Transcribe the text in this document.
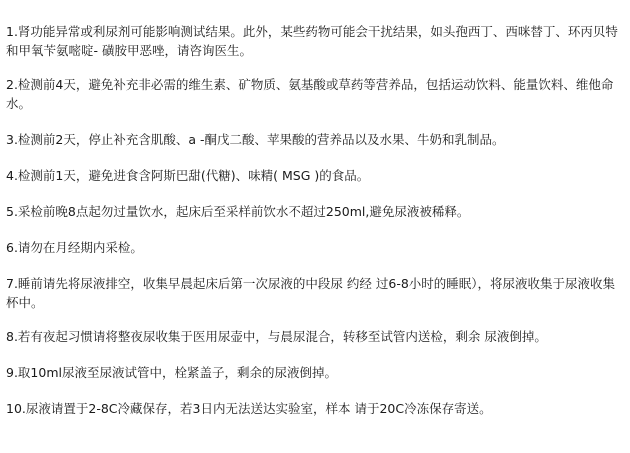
1.肾功能异常或利尿剂可能影响测试结果。此外，某些药物可能会干扰结果，如头孢西丁、西咪替丁、环丙贝特和甲氧苄氨嘧啶- 磺胺甲恶唑，请咨询医生。

2.检测前4天，避免补充非必需的维生素、矿物质、氨基酸或草药等营养品，包括运动饮料、能量饮料、维他命水。

3.检测前2天，停止补充含肌酸、a -酮戊二酸、苹果酸的营养品以及水果、牛奶和乳制品。

4.检测前1天，避免进食含阿斯巴甜(代糖)、味精( MSG )的食品。

5.采检前晚8点起勿过量饮水，起床后至采样前饮水不超过250ml,避免尿液被稀释。

6.请勿在月经期内采检。

7.睡前请先将尿液排空，收集早晨起床后第一次尿液的中段尿 约经 过6-8小时的睡眠），将尿液收集于尿液收集杯中。

8.若有夜起习惯请将整夜尿收集于医用尿壶中，与晨尿混合，转移至试管内送检，剩余 尿液倒掉。

9.取10ml尿液至尿液试管中，栓紧盖子，剩余的尿液倒掉。

10.尿液请置于2-8C冷藏保存，若3日内无法送达实验室，样本 请于20C冷冻保存寄送。
